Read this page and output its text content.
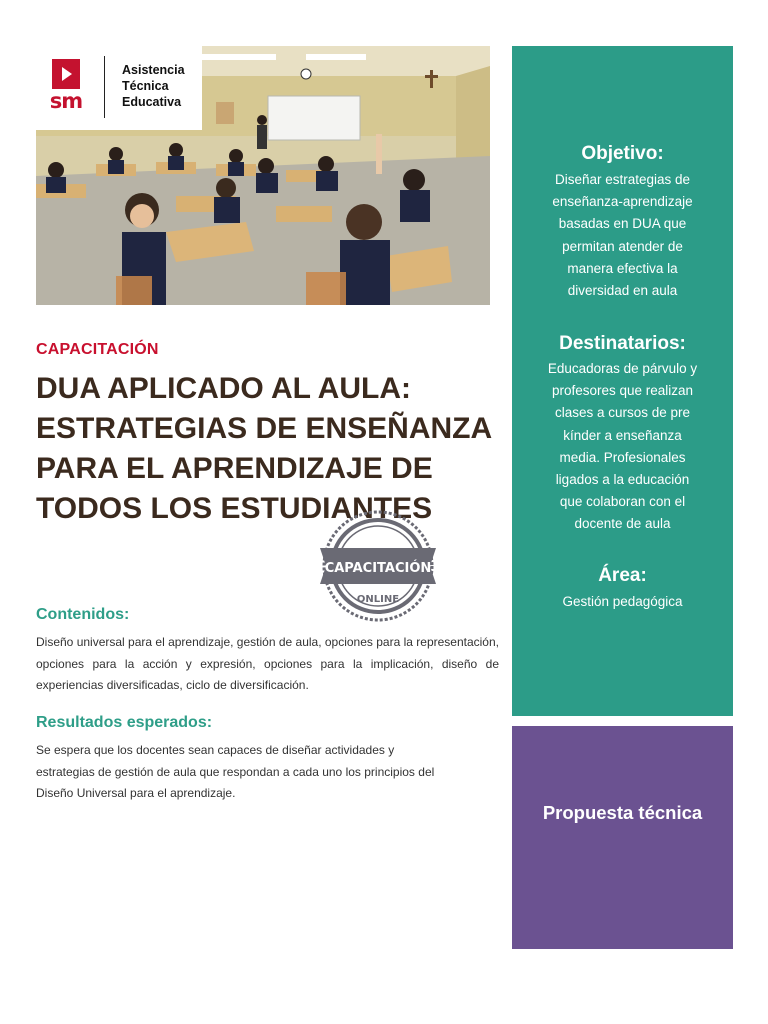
sm
Asistencia
Técnica
Educativa
CAPACITACIÓN
DUA APLICADO AL AULA:
ESTRATEGIAS DE ENSEÑANZA
PARA EL APRENDIZAJE DE
TODOS LOS ESTUDIANTES
CAPACITACIÓN
ONLINE
Contenidos:
Diseño universal para el aprendizaje, gestión de aula, opciones para la representación, opciones para la acción y expresión, opciones para la implicación, diseño de experiencias diversificadas, ciclo de diversificación.
Resultados esperados:
Se espera que los docentes sean capaces de diseñar actividades y
estrategias de gestión de aula que respondan a cada uno los principios del
Diseño Universal para el aprendizaje.
Objetivo:
Diseñar estrategias de
enseñanza-aprendizaje
basadas en DUA que
permitan atender de
manera efectiva la
diversidad en aula
Destinatarios:
Educadoras de párvulo y
profesores que realizan
clases a cursos de pre
kínder a enseñanza
media. Profesionales
ligados a la educación
que colaboran con el
docente de aula
Área:
Gestión pedagógica
Propuesta técnica
